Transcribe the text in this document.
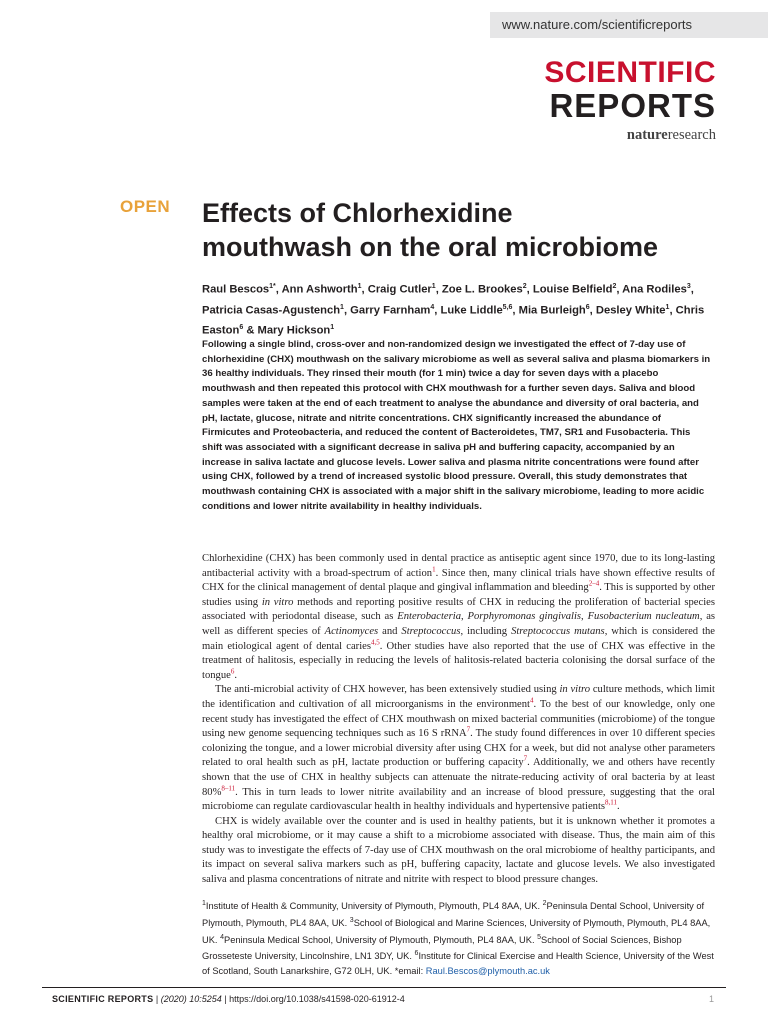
www.nature.com/scientificreports
SCIENTIFIC
REPORTS
natureresearch
OPEN Effects of Chlorhexidine
mouthwash on the oral microbiome
Raul Bescos$^{1*}$, Ann Ashworth$^1$, Craig Cutler$^1$, Zoe L. Brookes$^2$, Louise Belfield$^2$, Ana Rodiles$^3$, Patricia Casas-Agustench$^1$, Garry Farnham$^4$, Luke Liddle$^{5,6}$, Mia Burleigh$^6$, Desley White$^1$, Chris Easton$^6$ & Mary Hickson$^1$
Following a single blind, cross-over and non-randomized design we investigated the effect of 7-day use of chlorhexidine (CHX) mouthwash on the salivary microbiome as well as several saliva and plasma biomarkers in 36 healthy individuals. They rinsed their mouth (for 1 min) twice a day for seven days with a placebo mouthwash and then repeated this protocol with CHX mouthwash for a further seven days. Saliva and blood samples were taken at the end of each treatment to analyse the abundance and diversity of oral bacteria, and pH, lactate, glucose, nitrate and nitrite concentrations. CHX significantly increased the abundance of Firmicutes and Proteobacteria, and reduced the content of Bacteroidetes, TM7, SR1 and Fusobacteria. This shift was associated with a significant decrease in saliva pH and buffering capacity, accompanied by an increase in saliva lactate and glucose levels. Lower saliva and plasma nitrite concentrations were found after using CHX, followed by a trend of increased systolic blood pressure. Overall, this study demonstrates that mouthwash containing CHX is associated with a major shift in the salivary microbiome, leading to more acidic conditions and lower nitrite availability in healthy individuals.

Chlorhexidine (CHX) has been commonly used in dental practice as antiseptic agent since 1970, due to its long-lasting antibacterial activity with a broad-spectrum of action$^1$. Since then, many clinical trials have shown effective results of CHX for the clinical management of dental plaque and gingival inflammation and bleeding$^{2-4}$. This is supported by other studies using in vitro methods and reporting positive results of CHX in reducing the proliferation of bacterial species associated with periodontal disease, such as Enterobacteria, Porphyromonas gingivalis, Fusobacterium nucleatum, as well as different species of Actinomyces and Streptococcus, including Streptococcus mutans, which is considered the main etiological agent of dental caries$^{4,5}$. Other studies have also reported that the use of CHX was effective in the treatment of halitosis, especially in reducing the levels of halitosis-related bacteria colonising the dorsal surface of the tongue$^6$.

The anti-microbial activity of CHX however, has been extensively studied using in vitro culture methods, which limit the identification and cultivation of all microorganisms in the environment$^4$. To the best of our knowledge, only one recent study has investigated the effect of CHX mouthwash on mixed bacterial communities (microbiome) of the tongue using new genome sequencing techniques such as 16 S rRNA$^7$. The study found differences in over 10 different species colonizing the tongue, and a lower microbial diversity after using CHX for a week, but did not analyse other parameters related to oral health such as pH, lactate production or buffering capacity$^7$. Additionally, we and others have recently shown that the use of CHX in healthy subjects can attenuate the nitrate-reducing activity of oral bacteria by at least 80%$^{8-11}$. This in turn leads to lower nitrite availability and an increase of blood pressure, suggesting that the oral microbiome can regulate cardiovascular health in healthy individuals and hypertensive patients$^{8,11}$.

CHX is widely available over the counter and is used in healthy patients, but it is unknown whether it promotes a healthy oral microbiome, or it may cause a shift to a microbiome associated with disease. Thus, the main aim of this study was to investigate the effects of 7-day use of CHX mouthwash on the oral microbiome of healthy participants, and its impact on several saliva markers such as pH, buffering capacity, lactate and glucose levels. We also investigated saliva and plasma concentrations of nitrate and nitrite with respect to blood pressure changes.

$^1$Institute of Health & Community, University of Plymouth, Plymouth, PL4 8AA, UK. $^2$Peninsula Dental School, University of Plymouth, Plymouth, PL4 8AA, UK. $^3$School of Biological and Marine Sciences, University of Plymouth, Plymouth, PL4 8AA, UK. $^4$Peninsula Medical School, University of Plymouth, Plymouth, PL4 8AA, UK. $^5$School of Social Sciences, Bishop Grosseteste University, Lincolnshire, LN1 3DY, UK. $^6$Institute for Clinical Exercise and Health Science, University of the West of Scotland, South Lanarkshire, G72 0LH, UK. *email: Raul.Bescos@plymouth.ac.uk
SCIENTIFIC REPORTS | (2020) 10:5254 | https://doi.org/10.1038/s41598-020-61912-4	1
